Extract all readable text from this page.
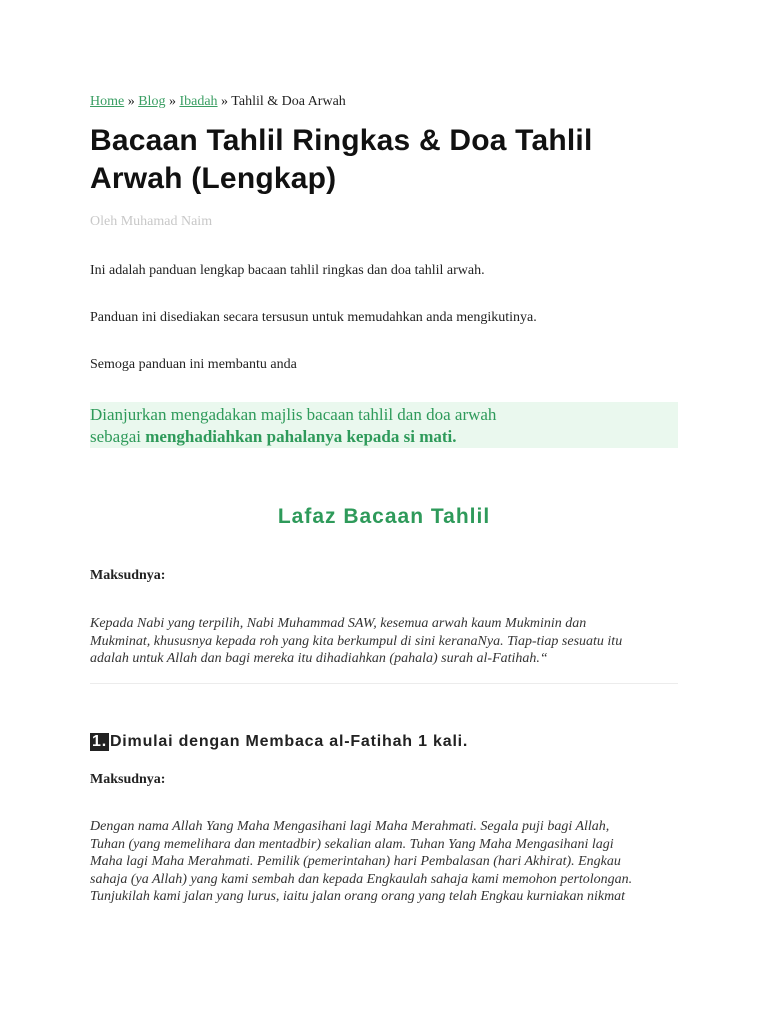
Home » Blog » Ibadah » Tahlil & Doa Arwah
Bacaan Tahlil Ringkas & Doa Tahlil
Arwah (Lengkap)
Oleh Muhamad Naim

Ini adalah panduan lengkap bacaan tahlil ringkas dan doa tahlil arwah.

Panduan ini disediakan secara tersusun untuk memudahkan anda mengikutinya.

Semoga panduan ini membantu anda

Dianjurkan mengadakan majlis bacaan tahlil dan doa arwah
sebagai menghadiahkan pahalanya kepada si mati.
Lafaz Bacaan Tahlil
Maksudnya:

Kepada Nabi yang terpilih, Nabi Muhammad SAW, kesemua arwah kaum Mukminin dan
Mukminat, khususnya kepada roh yang kita berkumpul di sini keranaNya. Tiap-tiap sesuatu itu
adalah untuk Allah dan bagi mereka itu dihadiahkan (pahala) surah al-Fatihah.“

1. Dimulai dengan Membaca al-Fatihah 1 kali.
Maksudnya:

Dengan nama Allah Yang Maha Mengasihani lagi Maha Merahmati. Segala puji bagi Allah,
Tuhan (yang memelihara dan mentadbir) sekalian alam. Tuhan Yang Maha Mengasihani lagi
Maha lagi Maha Merahmati. Pemilik (pemerintahan) hari Pembalasan (hari Akhirat). Engkau
sahaja (ya Allah) yang kami sembah dan kepada Engkaulah sahaja kami memohon pertolongan.
Tunjukilah kami jalan yang lurus, iaitu jalan orang orang yang telah Engkau kurniakan nikmat
